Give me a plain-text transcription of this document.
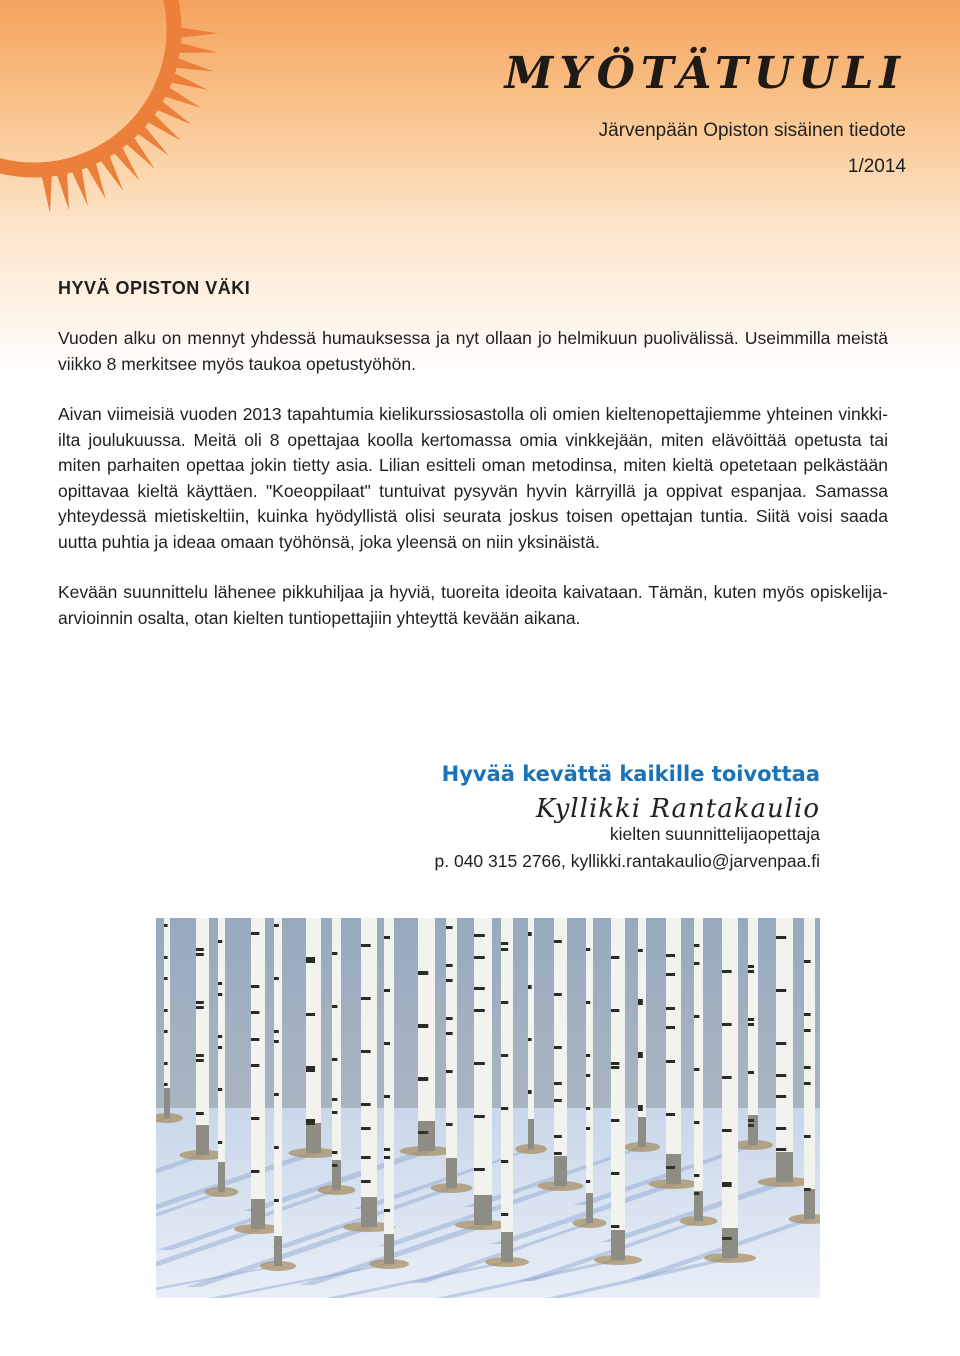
MYÖTÄTUULI
Järvenpään Opiston sisäinen tiedote
1/2014
HYVÄ OPISTON VÄKI

Vuoden alku on mennyt yhdessä humauksessa ja nyt ollaan jo helmikuun puolivälissä. Useimmilla meistä viikko 8 merkitsee myös taukoa opetustyöhön.

Aivan viimeisiä vuoden 2013 tapahtumia kielikurssiosastolla oli omien kieltenopettajiemme yhteinen vinkki-ilta joulukuussa. Meitä oli 8 opettajaa koolla kertomassa omia vinkkejään, miten elävöittää opetusta tai miten parhaiten opettaa jokin tietty asia. Lilian esitteli oman metodinsa, miten kieltä opetetaan pelkästään opittavaa kieltä käyttäen. "Koeoppilaat" tuntuivat pysyvän hyvin kärryillä ja oppivat espanjaa. Samassa yhteydessä mietiskeltiin, kuinka hyödyllistä olisi seurata joskus toisen opettajan tuntia. Siitä voisi saada uutta puhtia ja ideaa omaan työhönsä, joka yleensä on niin yksinäistä.

Kevään suunnittelu lähenee pikkuhiljaa ja hyviä, tuoreita ideoita kaivataan. Tämän, kuten myös opiskelija-arvioinnin osalta, otan kielten tuntiopettajiin yhteyttä kevään aikana.

Hyvää kevättä kaikille toivottaa
Kyllikki Rantakaulio
kielten suunnittelijaopettaja
p. 040 315 2766, kyllikki.rantakaulio@jarvenpaa.fi
